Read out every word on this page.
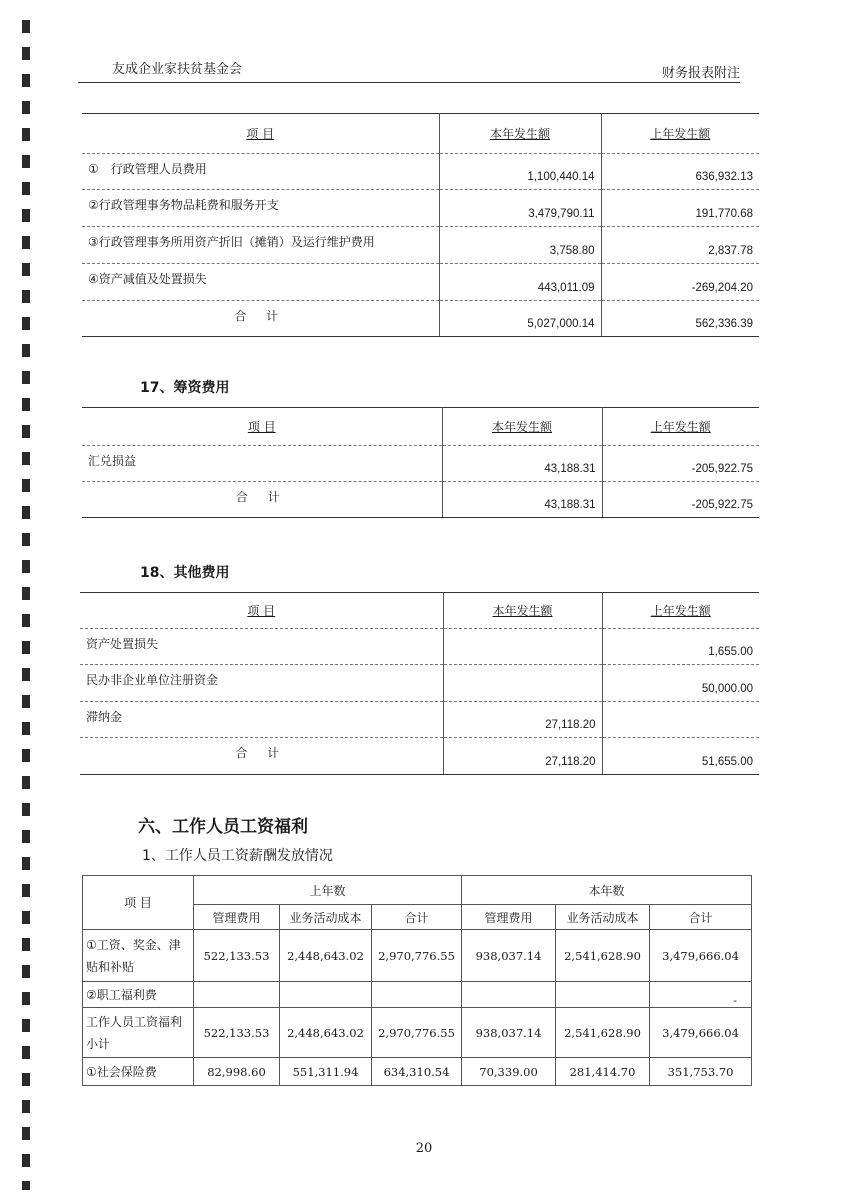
友成企业家扶贫基金会	财务报表附注
项 目	本年发生额	上年发生额
①　行政管理人员费用	1,100,440.14	636,932.13
②行政管理事务物品耗费和服务开支	3,479,790.11	191,770.68
③行政管理事务所用资产折旧（摊销）及运行维护费用	3,758.80	2,837.78
④资产减值及处置损失	443,011.09	-269,204.20
合 计	5,027,000.14	562,336.39
17、筹资费用
项 目	本年发生额	上年发生额
汇兑损益	43,188.31	-205,922.75
合 计	43,188.31	-205,922.75
18、其他费用
项 目	本年发生额	上年发生额
资产处置损失		1,655.00
民办非企业单位注册资金		50,000.00
滞纳金	27,118.20	
合 计	27,118.20	51,655.00
六、工作人员工资福利
1、工作人员工资薪酬发放情况
项 目	上年数			本年数		
	管理费用	业务活动成本	合计	管理费用	业务活动成本	合计
①工资、奖金、津贴和补贴	522,133.53	2,448,643.02	2,970,776.55	938,037.14	2,541,628.90	3,479,666.04
②职工福利费						-
工作人员工资福利小计	522,133.53	2,448,643.02	2,970,776.55	938,037.14	2,541,628.90	3,479,666.04
①社会保险费	82,998.60	551,311.94	634,310.54	70,339.00	281,414.70	351,753.70
20
